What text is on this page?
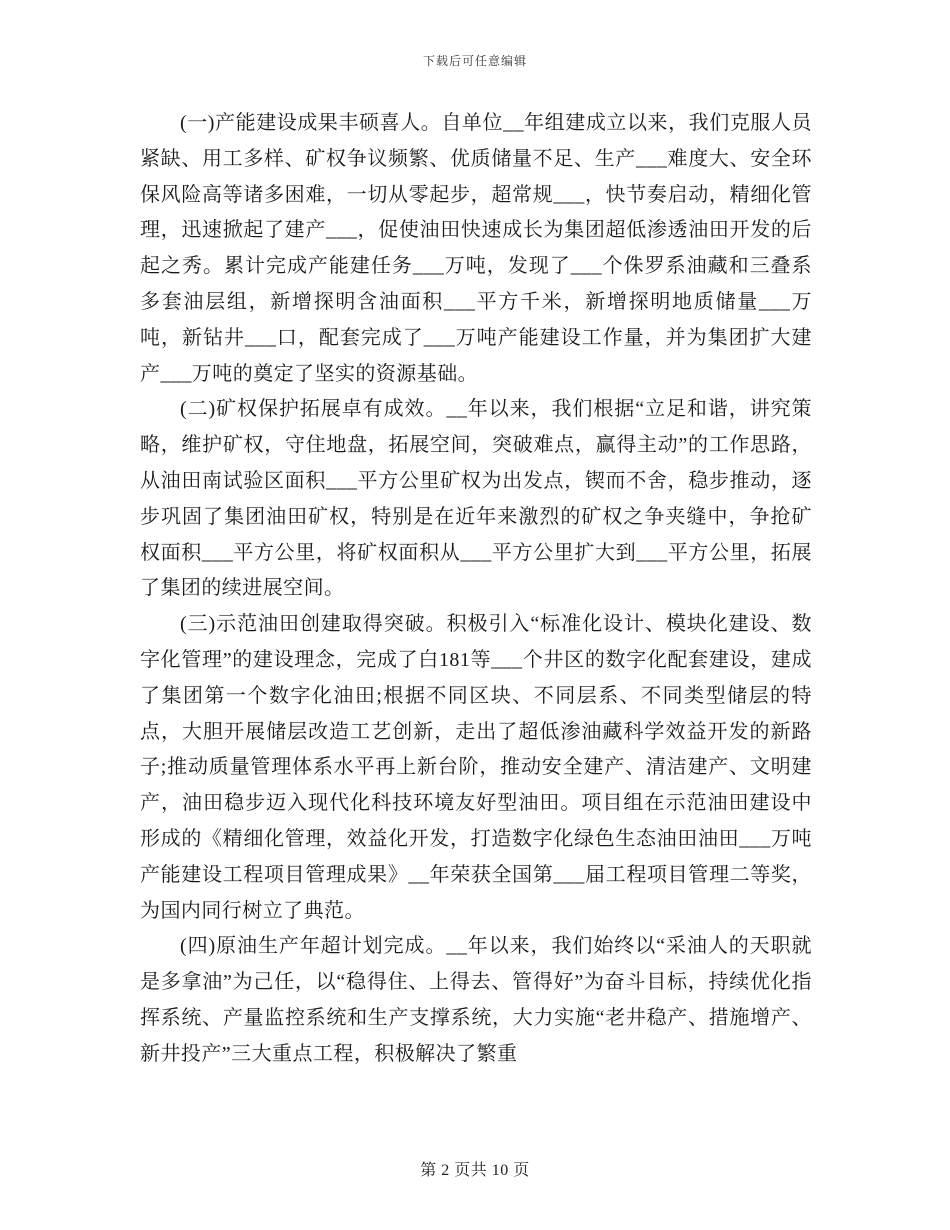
下载后可任意编辑

(一)产能建设成果丰硕喜人。自单位__年组建成立以来，我们克服人员紧缺、用工多样、矿权争议频繁、优质储量不足、生产___难度大、安全环保风险高等诸多困难，一切从零起步，超常规___，快节奏启动，精细化管理，迅速掀起了建产___，促使油田快速成长为集团超低渗透油田开发的后起之秀。累计完成产能建任务___万吨，发现了___个侏罗系油藏和三叠系多套油层组，新增探明含油面积___平方千米，新增探明地质储量___万吨，新钻井___口，配套完成了___万吨产能建设工作量，并为集团扩大建产___万吨的奠定了坚实的资源基础。

(二)矿权保护拓展卓有成效。__年以来，我们根据“立足和谐，讲究策略，维护矿权，守住地盘，拓展空间，突破难点，赢得主动”的工作思路，从油田南试验区面积___平方公里矿权为出发点，锲而不舍，稳步推动，逐步巩固了集团油田矿权，特别是在近年来激烈的矿权之争夹缝中，争抢矿权面积___平方公里，将矿权面积从___平方公里扩大到___平方公里，拓展了集团的续进展空间。

(三)示范油田创建取得突破。积极引入“标准化设计、模块化建设、数字化管理”的建设理念，完成了白181等___个井区的数字化配套建设，建成了集团第一个数字化油田;根据不同区块、不同层系、不同类型储层的特点，大胆开展储层改造工艺创新，走出了超低渗油藏科学效益开发的新路子;推动质量管理体系水平再上新台阶，推动安全建产、清洁建产、文明建产，油田稳步迈入现代化科技环境友好型油田。项目组在示范油田建设中形成的《精细化管理，效益化开发，打造数字化绿色生态油田油田___万吨产能建设工程项目管理成果》__年荣获全国第___届工程项目管理二等奖，为国内同行树立了典范。

(四)原油生产年超计划完成。__年以来，我们始终以“采油人的天职就是多拿油”为己任，以“稳得住、上得去、管得好”为奋斗目标，持续优化指挥系统、产量监控系统和生产支撑系统，大力实施“老井稳产、措施增产、新井投产”三大重点工程，积极解决了繁重

第 2 页共 10 页
